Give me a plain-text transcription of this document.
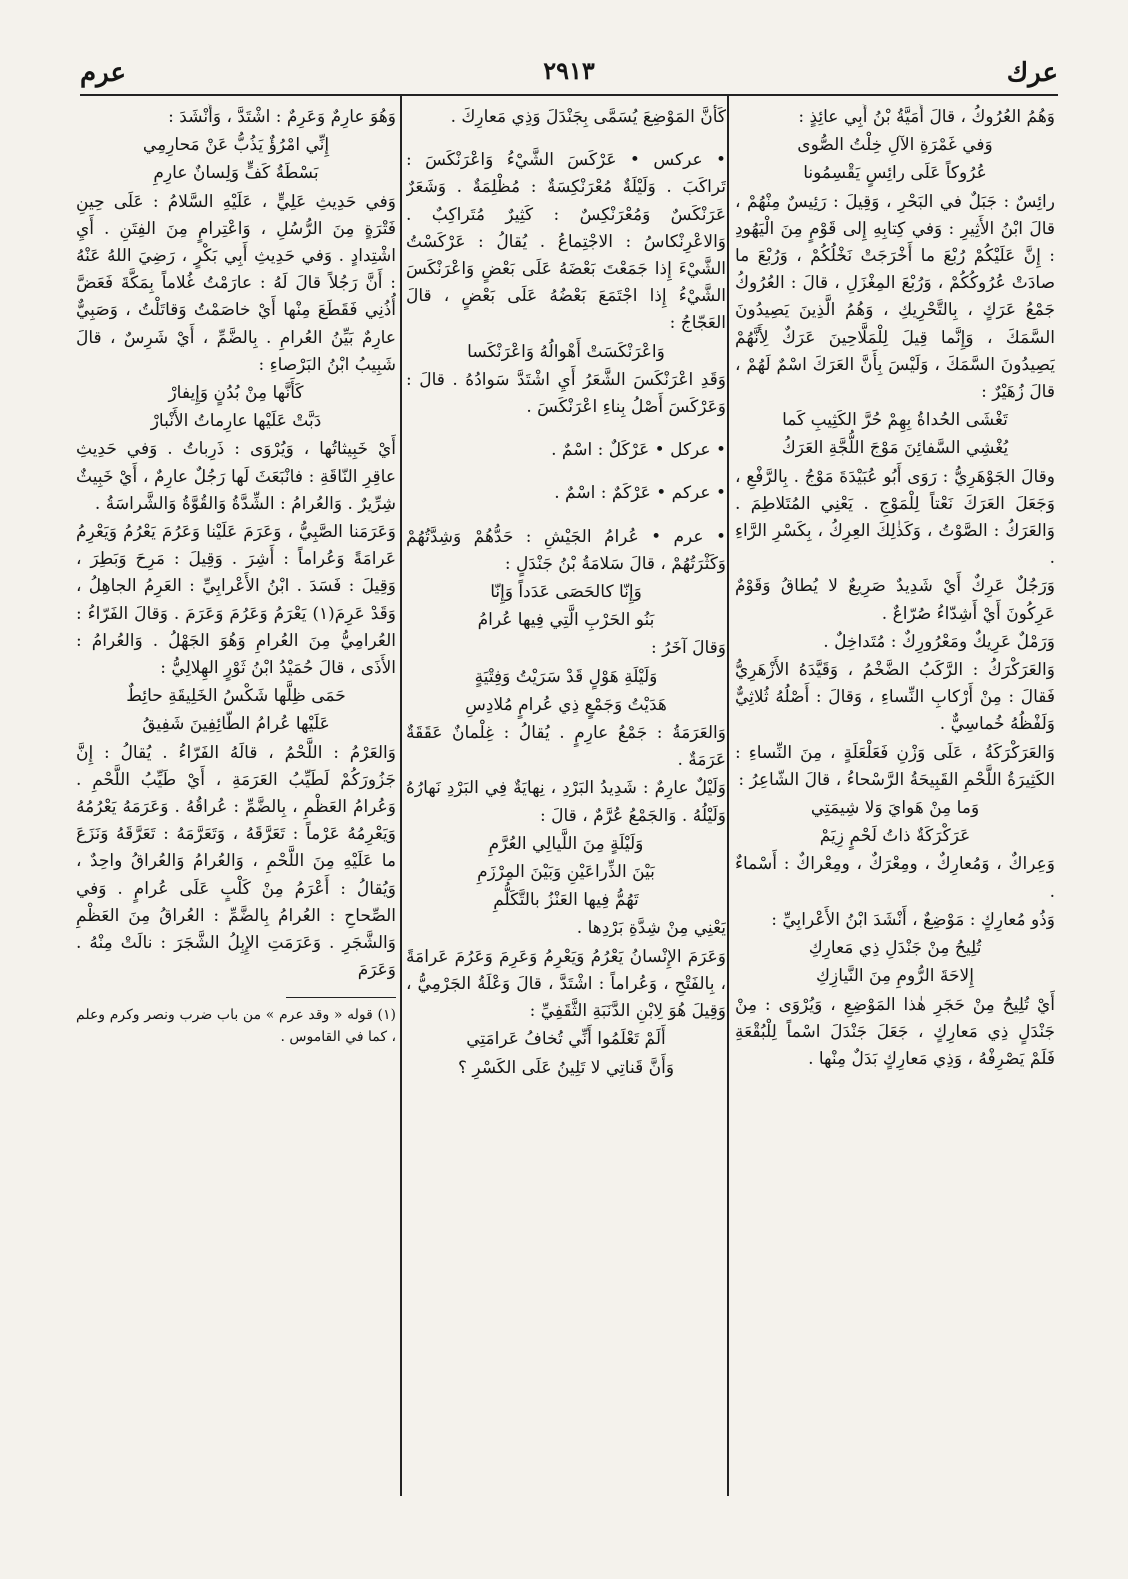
عرك
٢٩١٣
عرم

وَهُمُ العُرُوكُ ، قالَ أُمَيَّةُ بْنُ أَبِي عائِذٍ :

وَفي غَمْرَةِ الآلِ خِلْتُ الصُّوى

عُرُوكاً عَلَى رائِسٍ يَقْسِمُونا

رائِسٌ : جَبَلٌ في البَحْرِ ، وَقِيلَ : رَئِيسٌ مِنْهُمْ ، قالَ ابْنُ الأَثِيرِ : وَفي كِتابِهِ إِلى قَوْمٍ مِنَ الْيَهُودِ : إِنَّ عَلَيْكُمْ رُبْعَ ما أَخْرَجَتْ نَخْلُكُمْ ، وَرُبْعَ ما صادَتْ عُرُوكُكُمْ ، وَرُبْعَ المِغْزَلِ ، قالَ : العُرُوكُ جَمْعُ عَرَكٍ ، بِالتَّحْرِيكِ ، وَهُمُ الَّذِينَ يَصِيدُونَ السَّمَكَ ، وَإِنَّما قِيلَ لِلْمَلَّاحِينَ عَرَكٌ لِأَنَّهُمْ يَصِيدُونَ السَّمَكَ ، وَلَيْسَ بِأَنَّ العَرَكَ اسْمٌ لَهُمْ ، قالَ زُهَيْرٌ :

تَغْشَى الحُداةُ بِهِمْ حُرَّ الكَثِيبِ كَما

يُغْشِي السَّفائِنَ مَوْجَ اللُّجَّةِ العَرَكُ

وقالَ الجَوْهَرِيُّ : رَوَى أَبُو عُبَيْدَةَ مَوْجُ . بِالرَّفْعِ ، وَجَعَلَ العَرَكَ نَعْتاً لِلْمَوْجِ . يَعْنِي المُتَلاطِمَ . وَالعَرَكُ : الصَّوْتُ ، وَكَذٰلِكَ العِرِكُ ، بِكَسْرِ الرَّاءِ .

وَرَجُلٌ عَرِكٌ أَيْ شَدِيدٌ صَرِيعٌ لا يُطاقُ وَقَوْمٌ عَرِكُونَ أَيْ أَشِدّاءُ صُرّاعٌ .

وَرَمْلٌ عَرِيكٌ ومَعْرُورِكٌ : مُتَداخِلٌ .

وَالعَرَكْرَكُ : الرَّكَبُ الضَّخْمُ ، وَقَيَّدَهُ الأَزْهَرِيُّ فَقالَ : مِنْ أَرْكابِ النِّساءِ ، وَقالَ : أَصْلُهُ ثُلاثِيٌّ وَلَفْظُهُ خُماسِيٌّ .

وَالعَرَكْرَكَةُ ، عَلَى وَزْنِ فَعَلْعَلَةٍ ، مِنَ النِّساءِ : الكَثِيرَةُ اللَّحْمِ القَبِيحَةُ الرَّسْحاءُ ، قالَ الشّاعِرُ :

وَما مِنْ هَوايَ وَلا شِيمَتِي

عَرَكْرَكَةٌ ذاتُ لَحْمٍ زِيَمْ

وَعِراكٌ ، وَمُعارِكٌ ، ومِعْرَكٌ ، ومِعْراكٌ : أَسْماءٌ .

وَذُو مُعارِكٍ : مَوْضِعٌ ، أَنْشَدَ ابْنُ الأَعْرابِيِّ :

تُلِيحُ مِنْ جَنْدَلِ ذِي مَعارِكِ

إِلاحَةَ الرُّومِ مِنَ النَّيازِكِ

أَيْ تُلِيحُ مِنْ حَجَرِ هٰذا المَوْضِعِ ، وَيُرْوَى : مِنْ جَنْدَلٍ ذِي مَعارِكٍ ، جَعَلَ جَنْدَلَ اسْماً لِلْبُقْعَةِ فَلَمْ يَصْرِفْهُ ، وَذِي مَعارِكٍ بَدَلٌ مِنْها .

كَأَنَّ المَوْضِعَ يُسَمَّى بِجَنْدَلَ وَذِي مَعارِكَ .

• عركس • عَرْكَسَ الشَّيْءُ وَاعْرَنْكَسَ : تَراكَبَ . وَلَيْلَةٌ مُعْرَنْكِسَةٌ : مُظْلِمَةٌ . وَشَعَرٌ عَرَنْكَسٌ وَمُعْرَنْكِسٌ : كَثِيرٌ مُتَراكِبٌ . وَالاعْرِنْكاسُ : الاجْتِماعُ . يُقالُ : عَرْكَسْتُ الشَّيْءَ إِذا جَمَعْتَ بَعْضَهُ عَلَى بَعْضٍ وَاعْرَنْكَسَ الشَّيْءُ إِذا اجْتَمَعَ بَعْضُهُ عَلَى بَعْضٍ ، قالَ العَجّاجُ :

وَاعْرَنْكَسَتْ أَهْوالُهُ وَاعْرَنْكَسا

وَقَدِ اعْرَنْكَسَ الشَّعَرُ أَيِ اشْتَدَّ سَوادُهُ . قالَ : وَعَرْكَسَ أَصْلُ بِناءِ اعْرَنْكَسَ .

• عركل • عَرْكَلٌ : اسْمٌ .

• عركم • عَرْكَمٌ : اسْمٌ .

• عرم • عُرامُ الجَيْشِ : حَدُّهُمْ وَشِدَّتُهُمْ وَكَثْرَتُهُمْ ، قالَ سَلامَةُ بْنُ جَنْدَلٍ :

وَإِنّا كالحَصَى عَدَداً وَإِنّا

بَنُو الحَرْبِ الَّتِي فِيها عُرامُ

وَقالَ آخَرُ :

وَلَيْلَةِ هَوْلٍ قَدْ سَرَيْتُ وَفِتْيَةٍ

هَدَيْتُ وَجَمْعٍ ذِي عُرامٍ مُلادِسِ

وَالعَرَمَةُ : جَمْعُ عارِمٍ . يُقالُ : غِلْمانٌ عَقَقَةٌ عَرَمَةٌ .

وَلَيْلٌ عارِمٌ : شَدِيدُ البَرْدِ ، نِهايَةٌ فِي البَرْدِ نَهارُهُ وَلَيْلُهُ . وَالجَمْعُ عُرَّمٌ ، قالَ :

وَلَيْلَةٍ مِنَ اللَّيالِي العُرَّمِ

بَيْنَ الذِّراعَيْنِ وَبَيْنَ المِرْزَمِ

تَهُمُّ فِيها العَنْزُ بالتَّكَلُّمِ

يَعْنِي مِنْ شِدَّةِ بَرْدِها .

وَعَرَمَ الإِنْسانُ يَعْرُمُ وَيَعْرِمُ وَعَرِمَ وَعَرُمَ عَرامَةً ، بِالفَتْحِ ، وَعُراماً : اشْتَدَّ ، قالَ وَعْلَةُ الجَرْمِيُّ ، وَقِيلَ هُوَ لِابْنِ الدَّنَبَةِ الثَّقَفِيِّ :

أَلَمْ تَعْلَمُوا أَنِّي تُخافُ عَرامَتِي

وَأَنَّ قَناتِي لا تَلِينُ عَلَى الكَسْرِ ؟

وَهُوَ عارِمٌ وَعَرِمٌ : اشْتَدَّ ، وَأَنْشَدَ :

إِنِّي امْرُؤٌ يَذُبُّ عَنْ مَحارِمِي

بَسْطَةُ كَفٍّ وَلِسانٌ عارِمِ

وَفي حَدِيثِ عَلِيٍّ ، عَلَيْهِ السَّلامُ : عَلَى حِينِ فَتْرَةٍ مِنَ الرُّسُلِ ، وَاعْتِرامٍ مِنَ الفِتَنِ . أَيِ اشْتِدادٍ . وَفي حَدِيثِ أَبِي بَكْرٍ ، رَضِيَ اللهُ عَنْهُ : أَنَّ رَجُلاً قالَ لَهُ : عارَمْتُ غُلاماً بِمَكَّةَ فَعَضَّ أُذُنِي فَقَطَعَ مِنْها أَيْ خاصَمْتُ وَقاتَلْتُ ، وَصَبِيٌّ عارِمٌ بَيِّنُ العُرامِ . بِالضَّمِّ ، أَيْ شَرِسٌ ، قالَ شَبِيبُ ابْنُ البَرْصاءِ :

كَأَنَّها مِنْ بُدُنٍ وَإِيفارْ

دَبَّتْ عَلَيْها عارِماتُ الأَنْبارْ

أَيْ خَبِيثاتُها ، وَيُرْوَى : ذَرِباتُ . وَفي حَدِيثِ عاقِرِ النّاقَةِ : فانْبَعَثَ لَها رَجُلٌ عارِمٌ ، أَيْ خَبِيثٌ شِرِّيرٌ . وَالعُرامُ : الشِّدَّةُ وَالقُوَّةُ وَالشَّراسَةُ .

وَعَرَمَنا الصَّبِيُّ ، وَعَرَمَ عَلَيْنا وَعَرُمَ يَعْرُمُ وَيَعْرِمُ عَرامَةً وَعُراماً : أَشِرَ . وَقِيلَ : مَرِحَ وَبَطِرَ ، وَقِيلَ : فَسَدَ . ابْنُ الأَعْرابِيِّ : العَرِمُ الجاهِلُ ، وَقَدْ عَرِمَ(١) يَعْرَمُ وَعَرُمَ وَعَرَمَ . وَقالَ الفَرّاءُ : العُرامِيُّ مِنَ العُرامِ وَهُوَ الجَهْلُ . وَالعُرامُ : الأَذَى ، قالَ حُمَيْدُ ابْنُ ثَوْرٍ الهِلالِيُّ :

حَمَى ظِلَّها شَكْسُ الخَلِيقَةِ حائِطٌ

عَلَيْها عُرامُ الطّائِفِينَ شَفِيقُ

وَالعَرْمُ : اللَّحْمُ ، قالَهُ الفَرّاءُ . يُقالُ : إِنَّ جَزُورَكُمْ لَطَيِّبُ العَرَمَةِ ، أَيْ طَيِّبُ اللَّحْمِ . وَعُرامُ العَظْمِ ، بِالضَّمِّ : عُراقُهُ . وَعَرَمَهُ يَعْرُمُهُ وَيَعْرِمُهُ عَرْماً : تَعَرَّقَهُ ، وَتَعَرَّمَهُ : تَعَرَّقَهُ وَنَزَعَ ما عَلَيْهِ مِنَ اللَّحْمِ ، وَالعُرامُ وَالعُراقُ واحِدٌ ، وَيُقالُ : أَعْرَمُ مِنْ كَلْبٍ عَلَى عُرامٍ . وَفي الصِّحاحِ : العُرامُ بِالضَّمِّ : العُراقُ مِنَ العَظْمِ وَالشَّجَرِ . وَعَرَمَتِ الإِبِلُ الشَّجَرَ : نالَتْ مِنْهُ . وَعَرَمَ

(١) قوله « وقد عرم » من باب ضرب ونصر وكرم وعلم ، كما في القاموس .
